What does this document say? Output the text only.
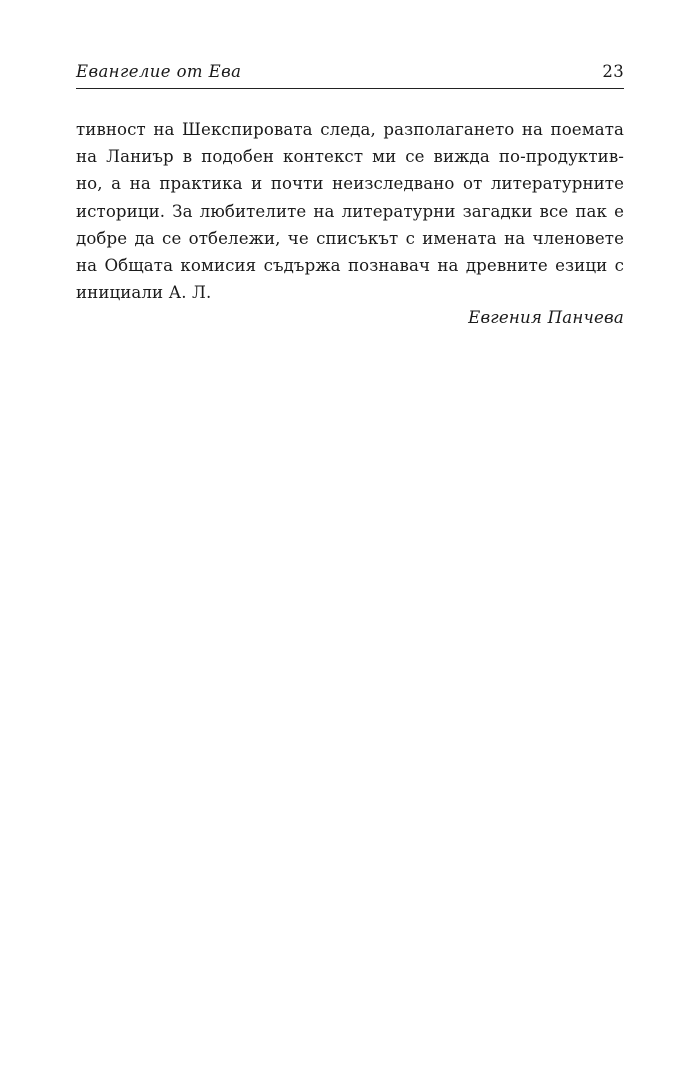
Евангелие от Ева	23
тивност на Шекспировата следа, разполагането на поемата
на Ланиър в подобен контекст ми се вижда по-продуктив-
но, а на практика и почти неизследвано от литературните
историци. За любителите на литературни загадки все пак е
добре да се отбележи, че списъкът с имената на членовете
на Общата комисия съдържа познавач на древните езици с
инициали А. Л.
Евгения Панчева
